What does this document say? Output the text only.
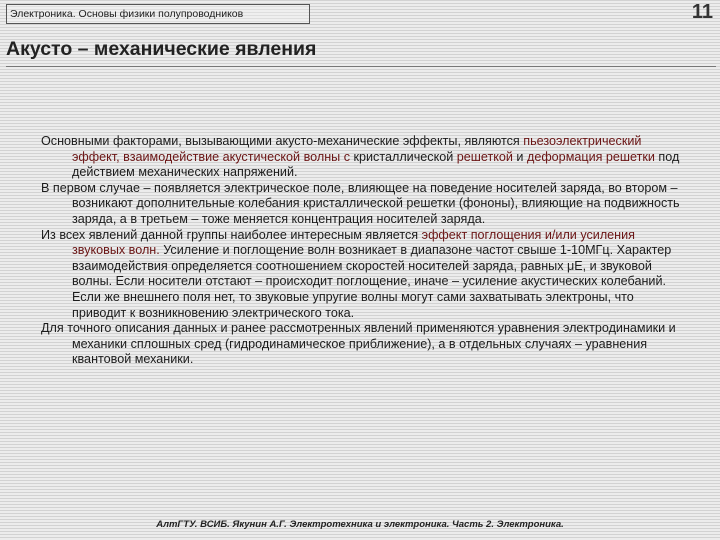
Электроника. Основы физики полупроводников	11
Акусто – механические явления

Основными факторами, вызывающими акусто-механические эффекты, являются пьезоэлектрический эффект, взаимодействие акустической волны с кристаллической решеткой и деформация решетки под действием механических напряжений.

В первом случае – появляется электрическое поле, влияющее на поведение носителей заряда, во втором – возникают дополнительные колебания кристаллической решетки (фононы), влияющие на подвижность заряда, а в третьем – тоже меняется концентрация носителей заряда.

Из всех явлений данной группы наиболее интересным является эффект поглощения и/или усиления звуковых волн. Усиление и поглощение волн возникает в диапазоне частот свыше 1-10МГц. Характер взаимодействия определяется соотношением скоростей носителей заряда, равных μE, и звуковой волны. Если носители отстают – происходит поглощение, иначе – усиление акустических колебаний. Если же внешнего поля нет, то звуковые упругие волны могут сами захватывать электроны, что приводит к возникновению электрического тока.

Для точного описания данных и ранее рассмотренных явлений применяются уравнения электродинамики и механики сплошных сред (гидродинамическое приближение), а в отдельных случаях – уравнения квантовой механики.

АлтГТУ. ВСИБ. Якунин А.Г. Электротехника и электроника. Часть 2. Электроника.
